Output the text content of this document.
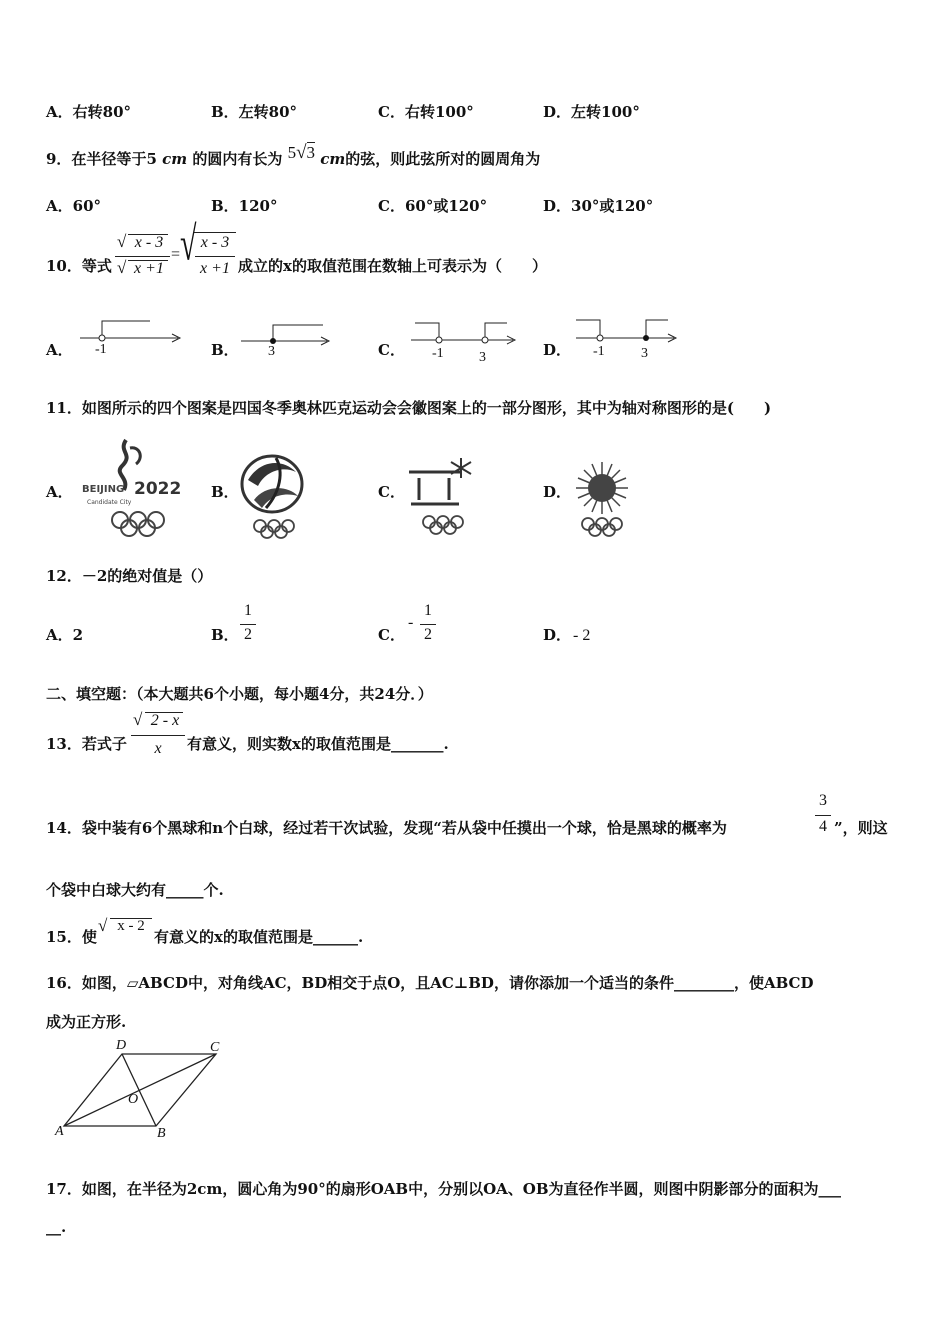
A．右转80°	B．左转80°	C．右转100°	D．左转100°
9．在半径等于5 cm 的圆内有长为 5√3 cm的弦，则此弦所对的圆周角为
A．60°	B．120°	C．60°或120°	D．30°或120°
10．等式
√ x - 3
√ x +1
= √ x - 3
x +1 成立的x的取值范围在数轴上可表示为（　　）
A． -1	B． 3	C． -1	3	D． -1	3
11．如图所示的四个图案是四国冬季奥林匹克运动会会徽图案上的一部分图形，其中为轴对称图形的是(　　)
A．	B．	C．	D．
BEIJING 2022
Candidate City
12．－2的绝对值是（）
A．2	B．
1
2	C．
-
1
2	D． - 2
二、填空题：（本大题共6个小题，每小题4分，共24分．）
13．若式子
√ 2 - x
x	有意义，则实数x的取值范围是_______.
14．袋中装有6个黑球和n个白球，经过若干次试验，发现“若从袋中任摸出一个球，恰是黑球的概率为
3
4 ”，则这
个袋中白球大约有_____个.
15．使
√ x - 2
有意义的x的取值范围是______.
16．如图，▱ABCD中，对角线AC，BD相交于点O，且AC⊥BD，请你添加一个适当的条件________，使ABCD
成为正方形.
A	B
C
D
O
17．如图，在半径为2cm，圆心角为90°的扇形OAB中，分别以OA、OB为直径作半圆，则图中阴影部分的面积为___
__.
